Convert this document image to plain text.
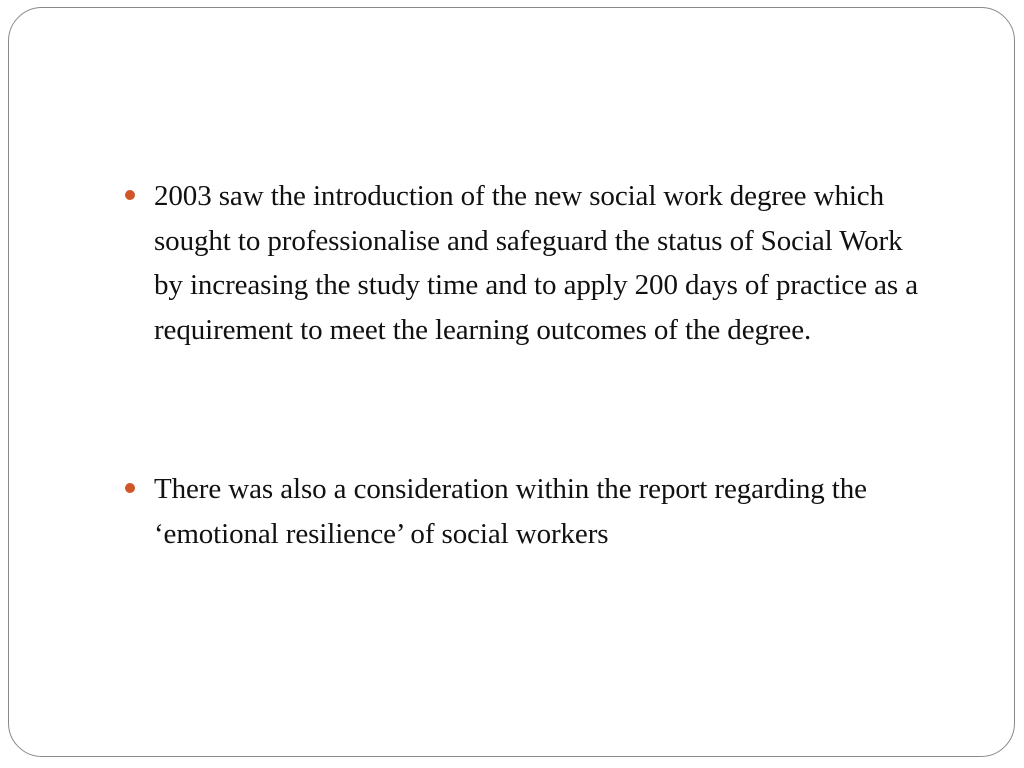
2003 saw the introduction of the new social work degree which sought to professionalise and safeguard the status of Social Work by increasing the study time and to apply 200 days of practice as a requirement to meet the learning outcomes of the degree.
There was also a consideration within the report regarding the ‘emotional resilience’ of social workers
